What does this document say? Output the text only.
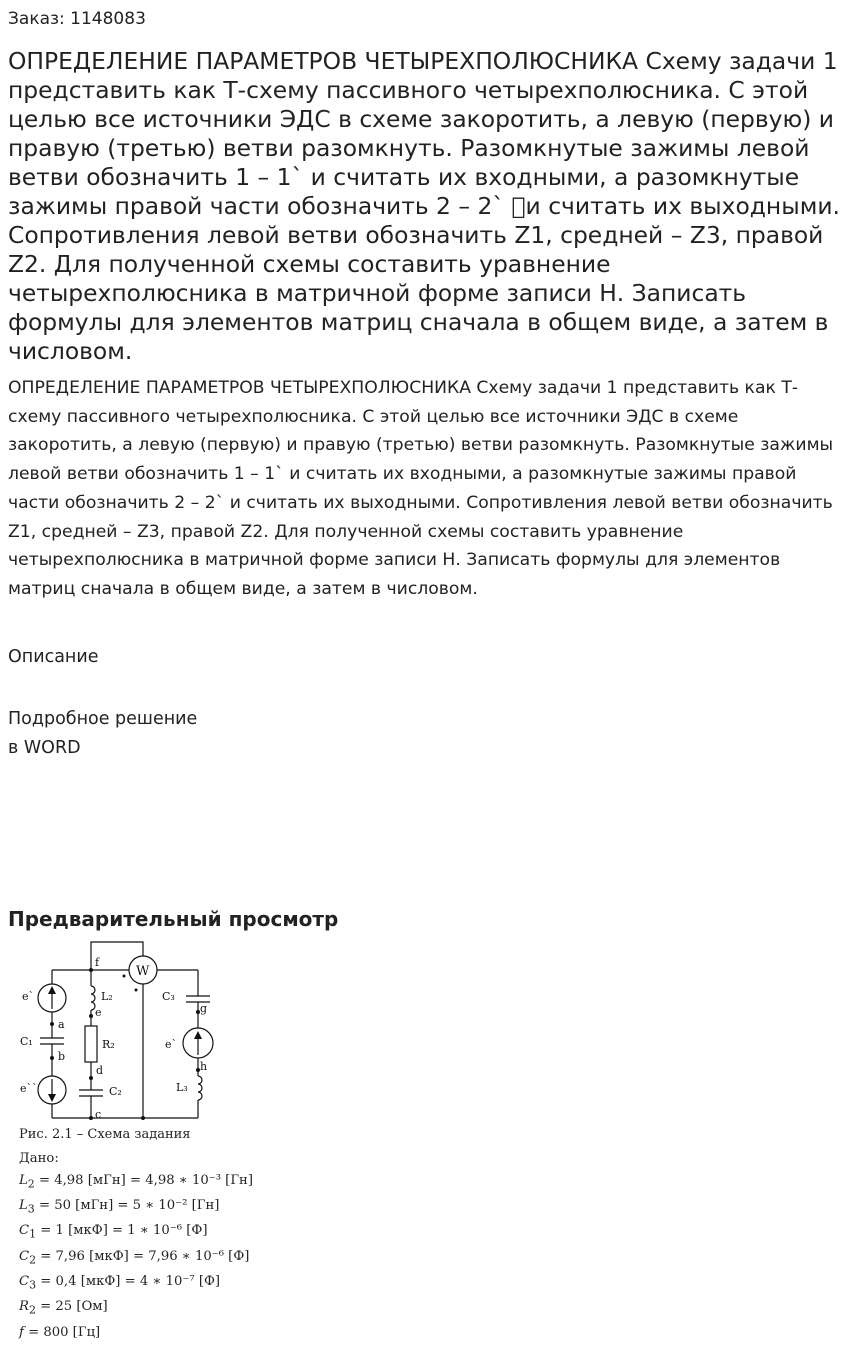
Заказ: 1148083
ОПРЕДЕЛЕНИЕ ПАРАМЕТРОВ ЧЕТЫРЕХПОЛЮСНИКА Схему задачи 1 представить как Т-схему пассивного четырехполюсника. С этой целью все источники ЭДС в схеме закоротить, а левую (первую) и правую (третью) ветви разомкнуть. Разомкнутые зажимы левой ветви обозначить 1 – 1` и считать их входными, а разомкнутые зажимы правой части обозначить 2 – 2`  и считать их выходными. Сопротивления левой ветви обозначить Z1, средней – Z3, правой Z2. Для полученной схемы составить уравнение четырехполюсника в матричной форме записи Н. Записать формулы для элементов матриц сначала в общем виде, а затем в числовом.

ОПРЕДЕЛЕНИЕ ПАРАМЕТРОВ ЧЕТЫРЕХПОЛЮСНИКА Схему задачи 1 представить как Т-схему пассивного четырехполюсника. С этой целью все источники ЭДС в схеме закоротить, а левую (первую) и правую (третью) ветви разомкнуть. Разомкнутые зажимы левой ветви обозначить 1 – 1` и считать их входными, а разомкнутые зажимы правой части обозначить 2 – 2` и считать их выходными. Сопротивления левой ветви обозначить Z1, средней – Z3, правой Z2. Для полученной схемы составить уравнение четырехполюсника в матричной форме записи Н. Записать формулы для элементов матриц сначала в общем виде, а затем в числовом.

Описание
Подробное решение
в WORD
Предварительный просмотр
f
W
e`
a
C₁
b
e``
L₂
e
R₂
d
C₂
c
C₃
g
e`
h
L₃
Рис. 2.1 – Схема задания
Дано:
$L_2 = 4,98$ [мГн] = 4,98 ∗ 10⁻³ [Гн]
$L_3 = 50$ [мГн] = 5 ∗ 10⁻² [Гн]
$C_1 = 1$ [мкФ] = 1 ∗ 10⁻⁶ [Ф]
$C_2 = 7,96$ [мкФ] = 7,96 ∗ 10⁻⁶ [Ф]
$C_3 = 0,4$ [мкФ] = 4 ∗ 10⁻⁷ [Ф]
$R_2 = 25$ [Ом]
f = 800 [Гц]
